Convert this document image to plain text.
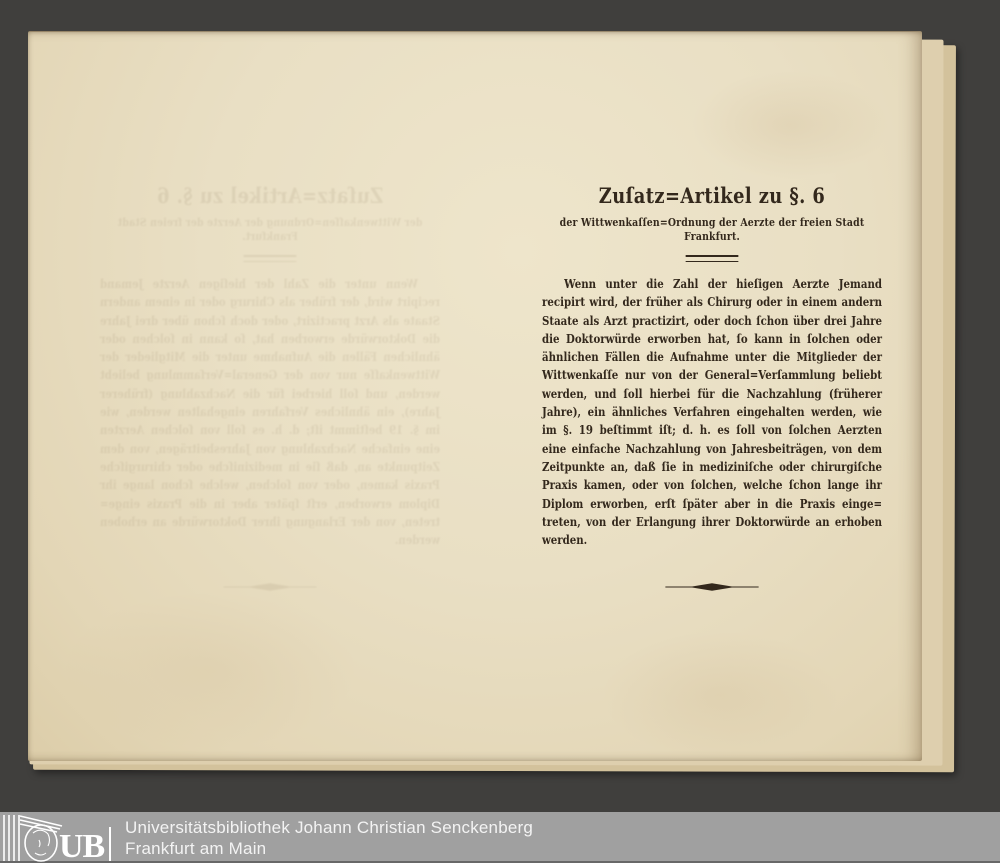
Zuſatz=Artikel zu §. 6
der Wittwenkaſſen=Ordnung der Aerzte der freien Stadt Frankfurt.
Wenn unter die Zahl der hieſigen Aerzte Jemand
recipirt wird, der früher als Chirurg oder in einem andern
Staate als Arzt practizirt, oder doch ſchon über drei Jahre
die Doktorwürde erworben hat, ſo kann in ſolchen oder
ähnlichen Fällen die Aufnahme unter die Mitglieder der
Wittwenkaſſe nur von der General=Verſammlung beliebt
werden, und ſoll hierbei für die Nachzahlung (früherer
Jahre), ein ähnliches Verfahren eingehalten werden, wie
im §. 19 beſtimmt iſt; d. h. es ſoll von ſolchen Aerzten
eine einfache Nachzahlung von Jahresbeiträgen, von dem
Zeitpunkte an, daß ſie in mediziniſche oder chirurgiſche
Praxis kamen, oder von ſolchen, welche ſchon lange ihr
Diplom erworben, erſt ſpäter aber in die Praxis einge=
treten, von der Erlangung ihrer Doktorwürde an erhoben
werden.
Zuſatz=Artikel zu §. 6
der Wittwenkaſſen=Ordnung der Aerzte der freien Stadt Frankfurt.
Wenn unter die Zahl der hieſigen Aerzte Jemand
recipirt wird, der früher als Chirurg oder in einem andern
Staate als Arzt practizirt, oder doch ſchon über drei Jahre
die Doktorwürde erworben hat, ſo kann in ſolchen oder
ähnlichen Fällen die Aufnahme unter die Mitglieder der
Wittwenkaſſe nur von der General=Verſammlung beliebt
werden, und ſoll hierbei für die Nachzahlung (früherer
Jahre), ein ähnliches Verfahren eingehalten werden, wie
im §. 19 beſtimmt iſt; d. h. es ſoll von ſolchen Aerzten
eine einfache Nachzahlung von Jahresbeiträgen, von dem
Zeitpunkte an, daß ſie in mediziniſche oder chirurgiſche
Praxis kamen, oder von ſolchen, welche ſchon lange ihr
Diplom erworben, erſt ſpäter aber in die Praxis einge=
treten, von der Erlangung ihrer Doktorwürde an erhoben
werden.
UB
Universitätsbibliothek Johann Christian Senckenberg
Frankfurt am Main
